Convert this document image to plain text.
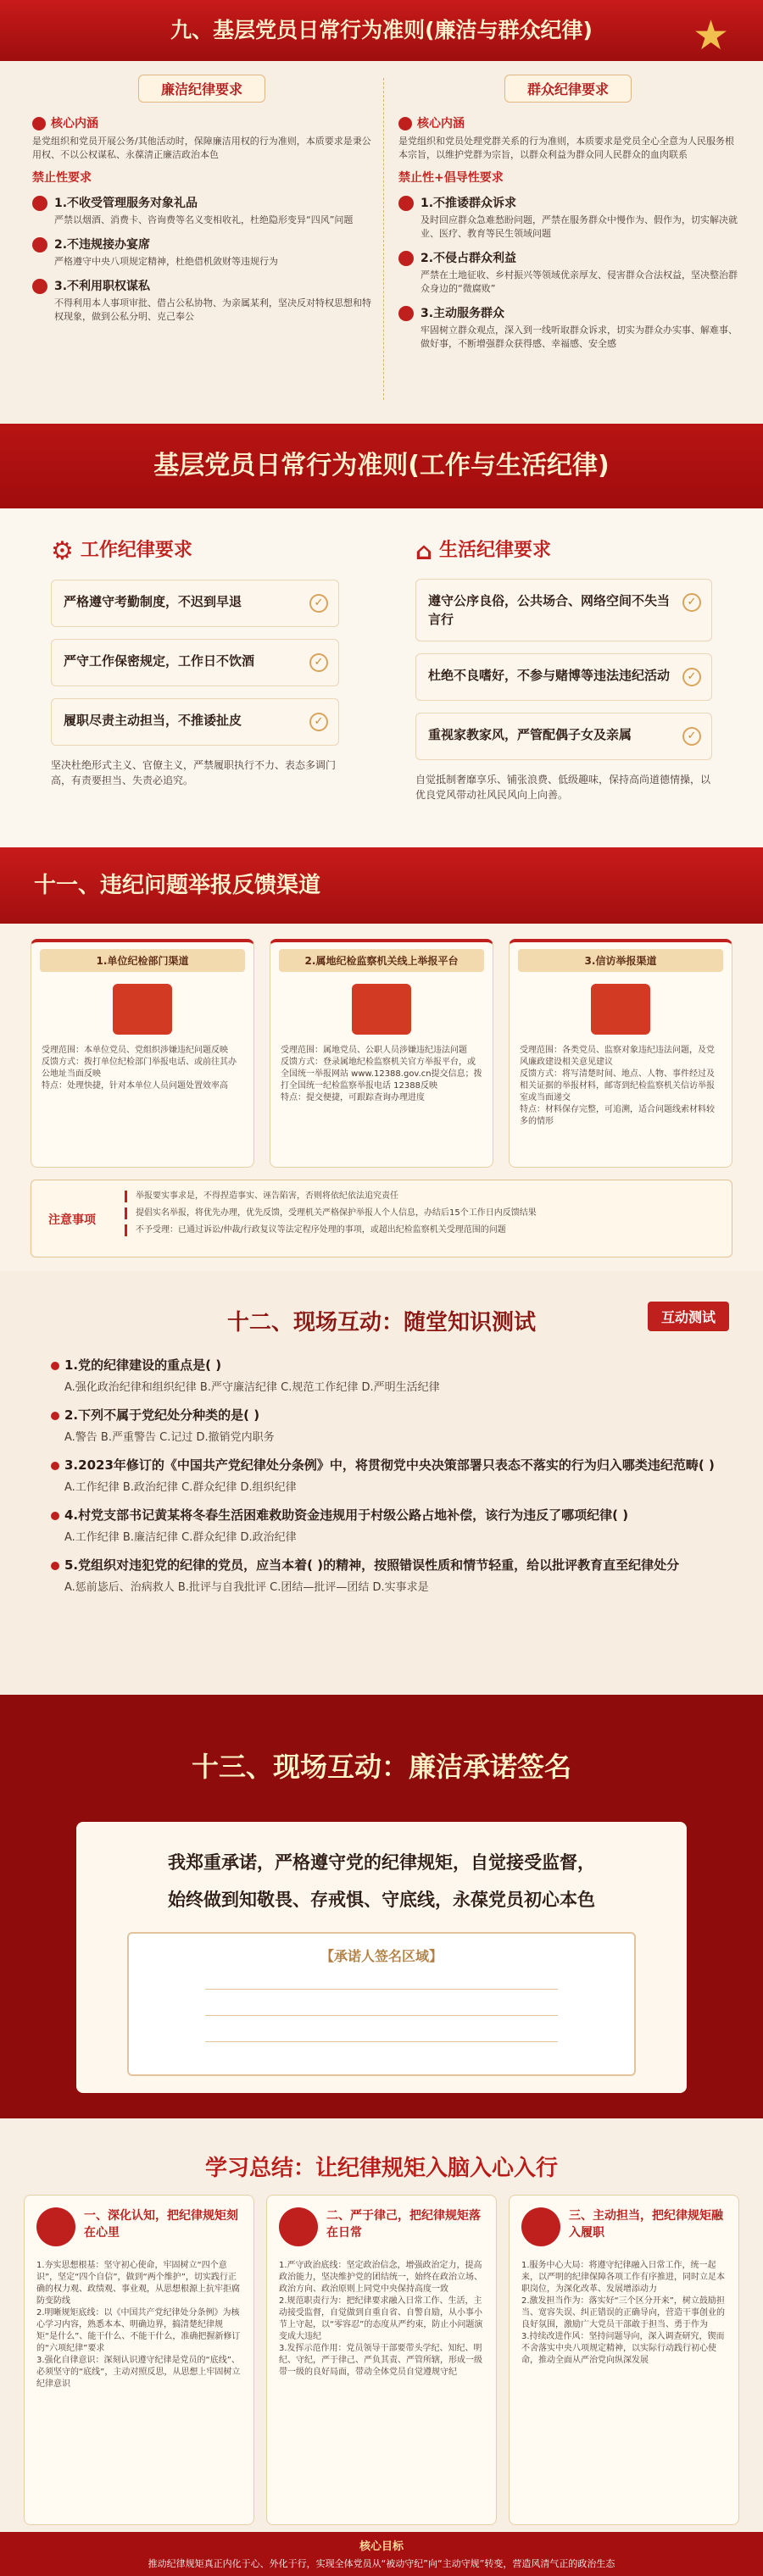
九、基层党员日常行为准则(廉洁与群众纪律) ★
廉洁纪律要求
核心内涵
是党组织和党员开展公务/其他活动时，保障廉洁用权的行为准则，本质要求是秉公用权、不以公权谋私、永葆清正廉洁政治本色
禁止性要求
1.不收受管理服务对象礼品
严禁以烟酒、消费卡、咨询费等名义变相收礼，杜绝隐形变异“四风”问题
2.不违规接办宴席
严格遵守中央八项规定精神，杜绝借机敛财等违规行为
3.不利用职权谋私
不得利用本人事项审批、借占公私协物、为亲属某利，坚决反对特权思想和特权现象，做到公私分明、克己奉公
群众纪律要求
核心内涵
是党组织和党员处理党群关系的行为准则，本质要求是党员全心全意为人民服务根本宗旨，以维护党群为宗旨，以群众利益为群众同人民群众的血肉联系
禁止性+倡导性要求
1.不推诿群众诉求
及时回应群众急难愁盼问题，严禁在服务群众中慢作为、假作为，切实解决就业、医疗、教育等民生领域问题
2.不侵占群众利益
严禁在土地征收、乡村振兴等领域优亲厚友、侵害群众合法权益，坚决整治群众身边的“微腐败”
3.主动服务群众
牢固树立群众观点，深入到一线听取群众诉求，切实为群众办实事、解难事、做好事，不断增强群众获得感、幸福感、安全感
基层党员日常行为准则(工作与生活纪律)
⚙ 工作纪律要求
严格遵守考勤制度，不迟到早退	✓
严守工作保密规定，工作日不饮酒	✓
履职尽责主动担当，不推诿扯皮	✓
坚决杜绝形式主义、官僚主义，严禁履职执行不力、表态多调门高，有责要担当、失责必追究。
⌂ 生活纪律要求
遵守公序良俗，公共场合、网络空间不失当言行
✓
杜绝不良嗜好，不参与赌博等违法违纪活动	✓
重视家教家风，严管配偶子女及亲属	✓
自觉抵制奢靡享乐、铺张浪费、低级趣味，保持高尚道德情操，以优良党风带动社风民风向上向善。
十一、违纪问题举报反馈渠道
1.单位纪检部门渠道
受理范围：本单位党员、党组织涉嫌违纪问题反映
反馈方式：拨打单位纪检部门举报电话、或前往其办公地址当面反映
特点：处理快捷，针对本单位人员问题处置效率高
2.属地纪检监察机关线上举报平台
受理范围：属地党员、公职人员涉嫌违纪违法问题
反馈方式：登录属地纪检监察机关官方举报平台，或全国统一举报网站 www.12388.gov.cn提交信息；拨打全国统一纪检监察举报电话 12388反映
特点：提交便捷，可跟踪查询办理进度
3.信访举报渠道
受理范围：各类党员、监察对象违纪违法问题，及党风廉政建设相关意见建议
反馈方式：将写清楚时间、地点、人物、事件经过及相关证据的举报材料，邮寄到纪检监察机关信访举报室或当面递交
特点：材料保存完整，可追溯，适合问题线索材料较多的情形
注意事项
举报要实事求是，不得捏造事实、诬告陷害，否则将依纪依法追究责任
提倡实名举报，将优先办理，优先反馈，受理机关严格保护举报人个人信息，办结后15个工作日内反馈结果
不予受理：已通过诉讼/仲裁/行政复议等法定程序处理的事项，或超出纪检监察机关受理范围的问题
十二、现场互动：随堂知识测试	互动测试
1.党的纪律建设的重点是( )
A.强化政治纪律和组织纪律 B.严守廉洁纪律 C.规范工作纪律 D.严明生活纪律
2.下列不属于党纪处分种类的是( )
A.警告 B.严重警告 C.记过 D.撤销党内职务
3.2023年修订的《中国共产党纪律处分条例》中，将贯彻党中央决策部署只表态不落实的行为归入哪类违纪范畴( )
A.工作纪律 B.政治纪律 C.群众纪律 D.组织纪律
4.村党支部书记黄某将冬春生活困难救助资金违规用于村级公路占地补偿，该行为违反了哪项纪律( )
A.工作纪律 B.廉洁纪律 C.群众纪律 D.政治纪律
5.党组织对违犯党的纪律的党员，应当本着( )的精神，按照错误性质和情节轻重，给以批评教育直至纪律处分
A.惩前毖后、治病救人 B.批评与自我批评 C.团结—批评—团结 D.实事求是
十三、现场互动：廉洁承诺签名
我郑重承诺，严格遵守党的纪律规矩，自觉接受监督，
始终做到知敬畏、存戒惧、守底线，永葆党员初心本色
【承诺人签名区域】
学习总结：让纪律规矩入脑入心入行
一、深化认知，把纪律规矩刻在心里
1.夯实思想根基：坚守初心使命，牢固树立“四个意识”，坚定“四个自信”，做到“两个维护”，切实践行正确的权力观、政绩观、事业观，从思想根源上抗牢拒腐防变防线
2.明晰规矩底线：以《中国共产党纪律处分条例》为核心学习内容，熟悉本本、明确边界，搞清楚纪律规矩“是什么”、能干什么、不能干什么，准确把握新修订的“六项纪律”要求
3.强化自律意识：深刻认识遵守纪律是党员的“底线”、必须坚守的“底线”，主动对照反思，从思想上牢固树立纪律意识
二、严于律己，把纪律规矩落在日常
1.严守政治底线：坚定政治信念，增强政治定力，提高政治能力，坚决维护党的团结统一，始终在政治立场、政治方向、政治原则上同党中央保持高度一致
2.规范职责行为：把纪律要求融入日常工作、生活，主动接受监督，自觉做到自重自省、自警自励，从小事小节上守起，以“零容忍”的态度从严约束，防止小问题演变成大违纪
3.发挥示范作用：党员领导干部要带头学纪、知纪、明纪、守纪，严于律己、严负其责、严管所辖，形成一级带一级的良好局面，带动全体党员自觉遵规守纪
三、主动担当，把纪律规矩融入履职
1.服务中心大局：将遵守纪律融入日常工作，统一起来，以严明的纪律保障各项工作有序推进，同时立足本职岗位，为深化改革、发展增添动力
2.激发担当作为：落实好“三个区分开来”，树立鼓励担当、宽容失误、纠正错误的正确导向，营造干事创业的良好氛围，激励广大党员干部敢于担当、勇于作为
3.持续改进作风：坚持问题导向，深入调查研究，锲而不舍落实中央八项规定精神，以实际行动践行初心使命，推动全面从严治党向纵深发展
核心目标
推动纪律规矩真正内化于心、外化于行，实现全体党员从“被动守纪”向“主动守规”转变，营造风清气正的政治生态
